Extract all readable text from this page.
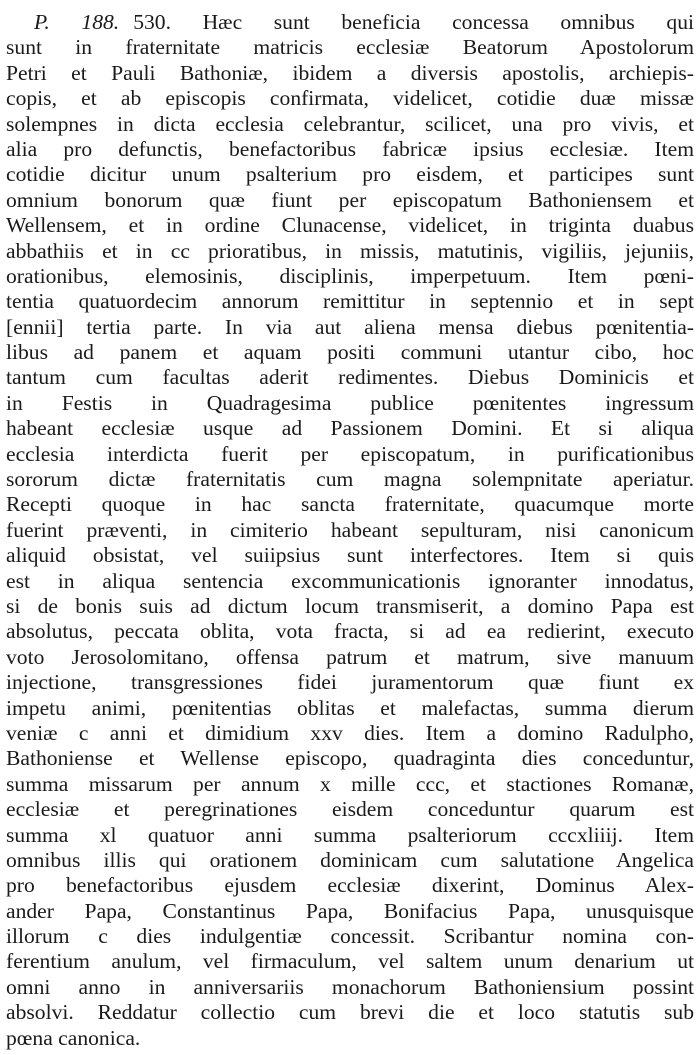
P. 188. 530. Hæc sunt beneficia concessa omnibus qui
sunt in fraternitate matricis ecclesiæ Beatorum Apostolorum
Petri et Pauli Bathoniæ, ibidem a diversis apostolis, archiepis-
copis, et ab episcopis confirmata, videlicet, cotidie duæ missæ
solempnes in dicta ecclesia celebrantur, scilicet, una pro vivis, et
alia pro defunctis, benefactoribus fabricæ ipsius ecclesiæ. Item
cotidie dicitur unum psalterium pro eisdem, et participes sunt
omnium bonorum quæ fiunt per episcopatum Bathoniensem et
Wellensem, et in ordine Clunacense, videlicet, in triginta duabus
abbathiis et in cc prioratibus, in missis, matutinis, vigiliis, jejuniis,
orationibus, elemosinis, disciplinis, imperpetuum. Item pœni-
tentia quatuordecim annorum remittitur in septennio et in sept
[ennii] tertia parte. In via aut aliena mensa diebus pœnitentia-
libus ad panem et aquam positi communi utantur cibo, hoc
tantum cum facultas aderit redimentes. Diebus Dominicis et
in Festis in Quadragesima publice pœnitentes ingressum
habeant ecclesiæ usque ad Passionem Domini. Et si aliqua
ecclesia interdicta fuerit per episcopatum, in purificationibus
sororum dictæ fraternitatis cum magna solempnitate aperiatur.
Recepti quoque in hac sancta fraternitate, quacumque morte
fuerint præventi, in cimiterio habeant sepulturam, nisi canonicum
aliquid obsistat, vel suiipsius sunt interfectores. Item si quis
est in aliqua sentencia excommunicationis ignoranter innodatus,
si de bonis suis ad dictum locum transmiserit, a domino Papa est
absolutus, peccata oblita, vota fracta, si ad ea redierint, executo
voto Jerosolomitano, offensa patrum et matrum, sive manuum
injectione, transgressiones fidei juramentorum quæ fiunt ex
impetu animi, pœnitentias oblitas et malefactas, summa dierum
veniæ c anni et dimidium xxv dies. Item a domino Radulpho,
Bathoniense et Wellense episcopo, quadraginta dies conceduntur,
summa missarum per annum x mille ccc, et stactiones Romanæ,
ecclesiæ et peregrinationes eisdem conceduntur quarum est
summa xl quatuor anni summa psalteriorum cccxliiij. Item
omnibus illis qui orationem dominicam cum salutatione Angelica
pro benefactoribus ejusdem ecclesiæ dixerint, Dominus Alex-
ander Papa, Constantinus Papa, Bonifacius Papa, unusquisque
illorum c dies indulgentiæ concessit. Scribantur nomina con-
ferentium anulum, vel firmaculum, vel saltem unum denarium ut
omni anno in anniversariis monachorum Bathoniensium possint
absolvi. Reddatur collectio cum brevi die et loco statutis sub
pœna canonica.
